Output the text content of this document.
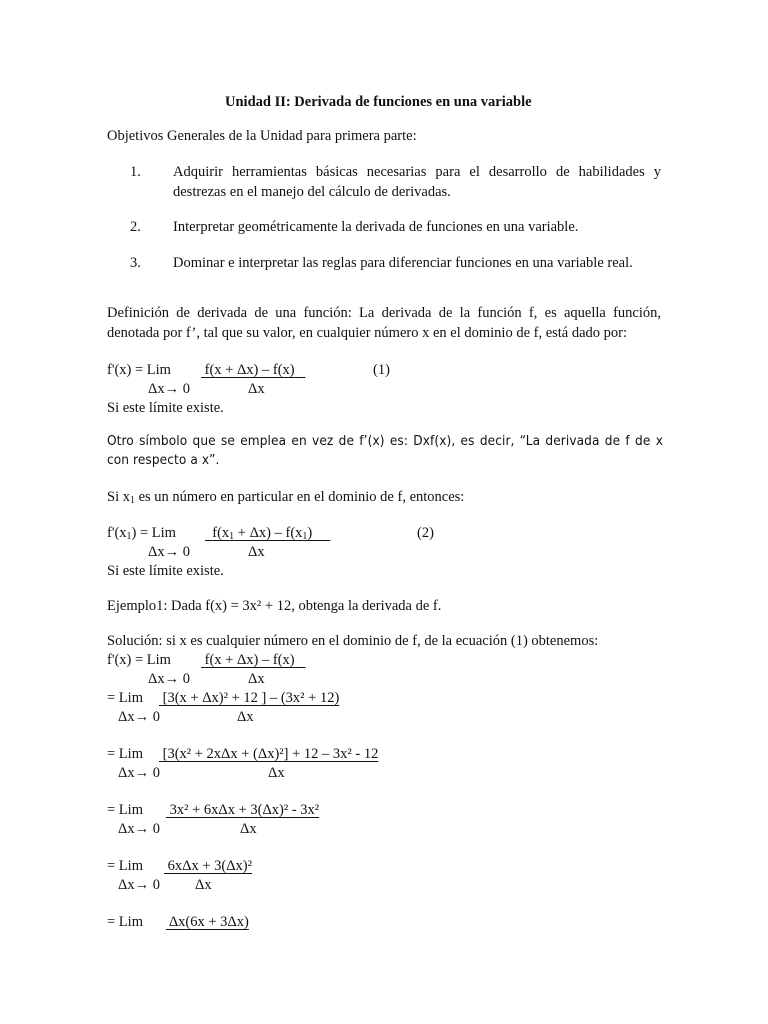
Unidad II: Derivada de funciones en una variable
Objetivos Generales de la Unidad para primera parte:
1. Adquirir herramientas básicas necesarias para el desarrollo de habilidades y destrezas en el manejo del cálculo de derivadas.
2. Interpretar geométricamente la derivada de funciones en una variable.
3. Dominar e interpretar las reglas para diferenciar funciones en una variable real.
Definición de derivada de una función: La derivada de la función f, es aquella función, denotada por f’, tal que su valor, en cualquier número x en el dominio de f, está dado por:
f'(x) = Lim f(x + Δx) – f(x)	(1)
Δx→ 0	Δx
Si este límite existe.
Otro símbolo que se emplea en vez de f’(x) es: Dxf(x), es decir, “La derivada de f de x con respecto a x”.
Si $x_1$ es un número en particular en el dominio de f, entonces:
$f'(x_1)$ = Lim	$f(x_1 + \Delta x) - f(x_1)$	(2)
Δx→ 0	Δx
Si este límite existe.
Ejemplo1: Dada f(x) = 3x² + 12, obtenga la derivada de f.
Solución: si x es cualquier número en el dominio de f, de la ecuación (1) obtenemos:
f'(x) = Lim f(x + Δx) – f(x)
Δx→ 0	Δx
= Lim [3(x + Δx)² + 12 ] – (3x² + 12)
Δx→ 0	Δx
= Lim [3(x² + 2xΔx + (Δx)²] + 12 – 3x² - 12
Δx→ 0	Δx
= Lim 3x² + 6xΔx + 3(Δx)² - 3x²
Δx→ 0	Δx
= Lim 6xΔx + 3(Δx)²
Δx→ 0 Δx
= Lim Δx(6x + 3Δx)
